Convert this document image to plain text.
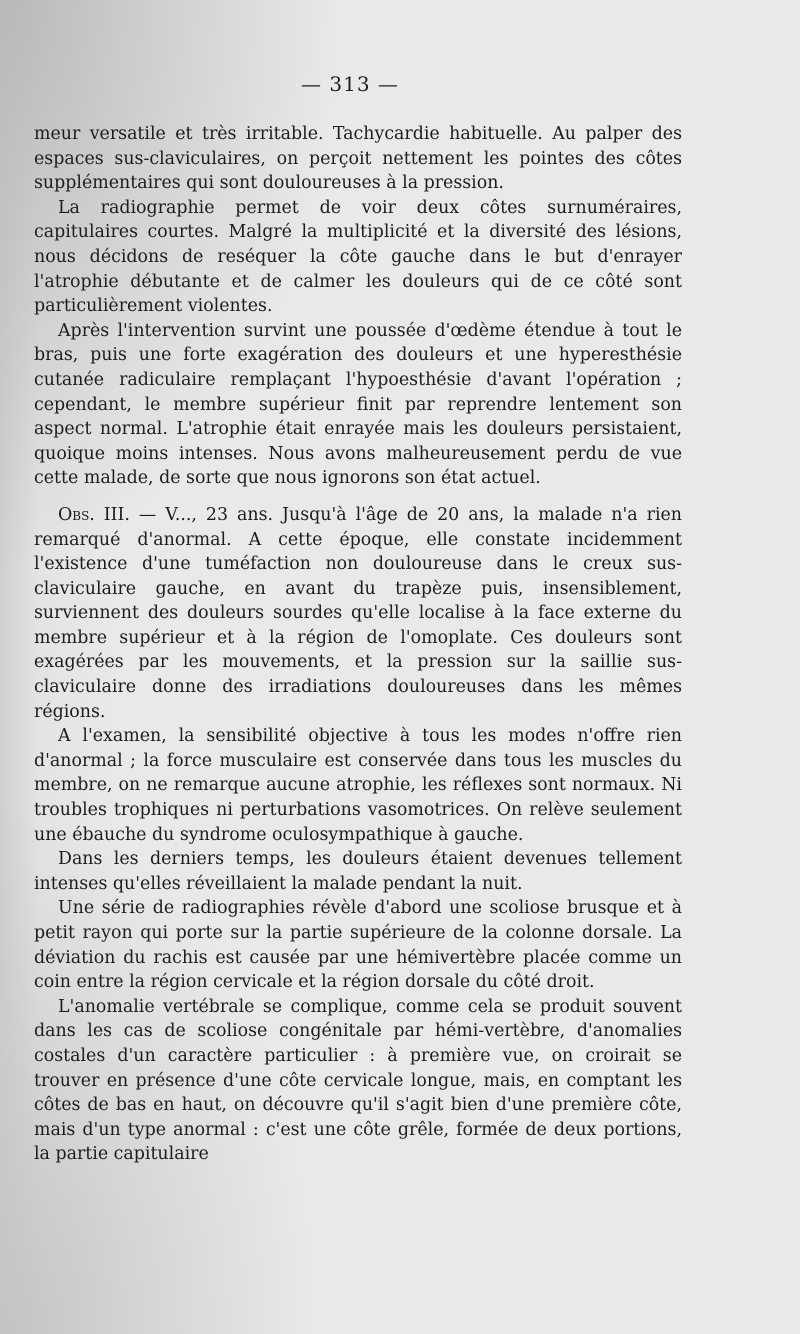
— 313 —

meur versatile et très irritable. Tachycardie habituelle. Au palper des espaces sus-claviculaires, on perçoit nettement les pointes des côtes supplémentaires qui sont douloureuses à la pression.

La radiographie permet de voir deux côtes surnuméraires, capitulaires courtes. Malgré la multiplicité et la diversité des lésions, nous décidons de reséquer la côte gauche dans le but d'enrayer l'atrophie débutante et de calmer les douleurs qui de ce côté sont particulièrement violentes.

Après l'intervention survint une poussée d'œdème étendue à tout le bras, puis une forte exagération des douleurs et une hyperesthésie cutanée radiculaire remplaçant l'hypoesthésie d'avant l'opération ; cependant, le membre supérieur finit par reprendre lentement son aspect normal. L'atrophie était enrayée mais les douleurs persistaient, quoique moins intenses. Nous avons malheureusement perdu de vue cette malade, de sorte que nous ignorons son état actuel.

Obs. III. — V..., 23 ans. Jusqu'à l'âge de 20 ans, la malade n'a rien remarqué d'anormal. A cette époque, elle constate incidemment l'existence d'une tuméfaction non douloureuse dans le creux sus-claviculaire gauche, en avant du trapèze puis, insensiblement, surviennent des douleurs sourdes qu'elle localise à la face externe du membre supérieur et à la région de l'omoplate. Ces douleurs sont exagérées par les mouvements, et la pression sur la saillie sus-claviculaire donne des irradiations douloureuses dans les mêmes régions.

A l'examen, la sensibilité objective à tous les modes n'offre rien d'anormal ; la force musculaire est conservée dans tous les muscles du membre, on ne remarque aucune atrophie, les réflexes sont normaux. Ni troubles trophiques ni perturbations vasomotrices. On relève seulement une ébauche du syndrome oculosympathique à gauche.

Dans les derniers temps, les douleurs étaient devenues tellement intenses qu'elles réveillaient la malade pendant la nuit.

Une série de radiographies révèle d'abord une scoliose brusque et à petit rayon qui porte sur la partie supérieure de la colonne dorsale. La déviation du rachis est causée par une hémivertèbre placée comme un coin entre la région cervicale et la région dorsale du côté droit.

L'anomalie vertébrale se complique, comme cela se produit souvent dans les cas de scoliose congénitale par hémi-vertèbre, d'anomalies costales d'un caractère particulier : à première vue, on croirait se trouver en présence d'une côte cervicale longue, mais, en comptant les côtes de bas en haut, on découvre qu'il s'agit bien d'une première côte, mais d'un type anormal : c'est une côte grêle, formée de deux portions, la partie capitulaire
